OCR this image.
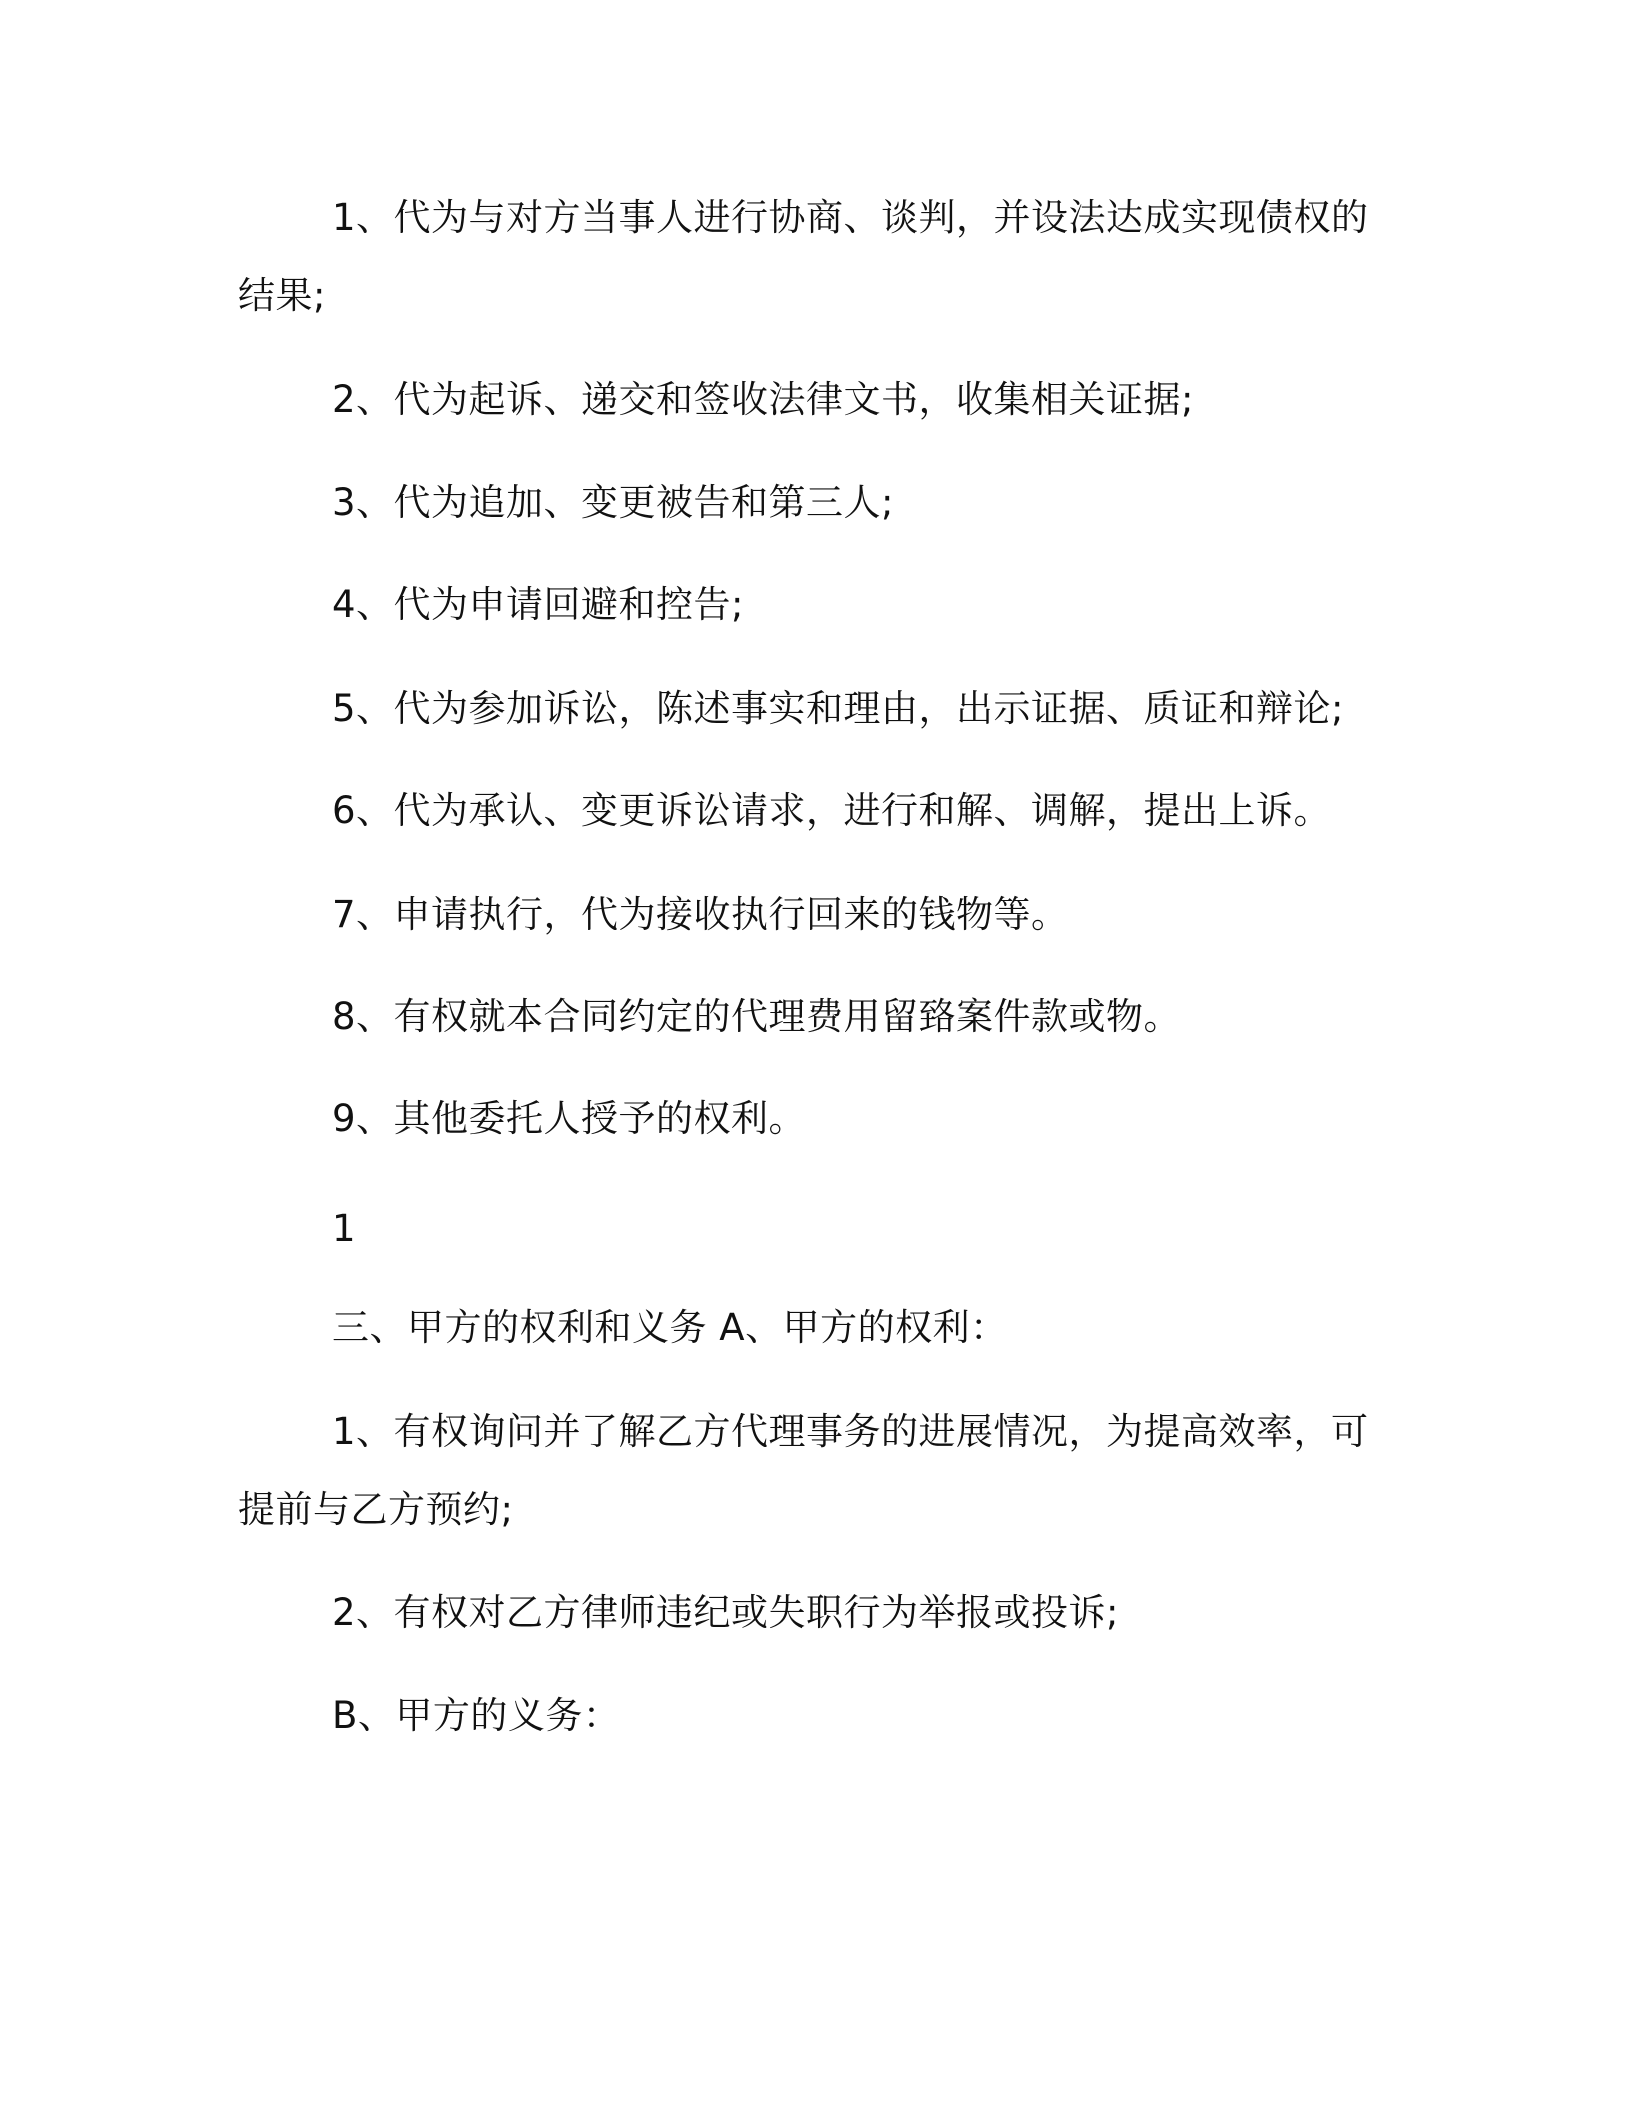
1、代为与对方当事人进行协商、谈判，并设法达成实现债权的

结果;

2、代为起诉、递交和签收法律文书，收集相关证据;

3、代为追加、变更被告和第三人;

4、代为申请回避和控告;

5、代为参加诉讼，陈述事实和理由，出示证据、质证和辩论;

6、代为承认、变更诉讼请求，进行和解、调解，提出上诉。

7、申请执行，代为接收执行回来的钱物等。

8、有权就本合同约定的代理费用留臵案件款或物。

9、其他委托人授予的权利。

1

三、甲方的权利和义务 A、甲方的权利：

1、有权询问并了解乙方代理事务的进展情况，为提高效率，可

提前与乙方预约;

2、有权对乙方律师违纪或失职行为举报或投诉;

B、甲方的义务：
